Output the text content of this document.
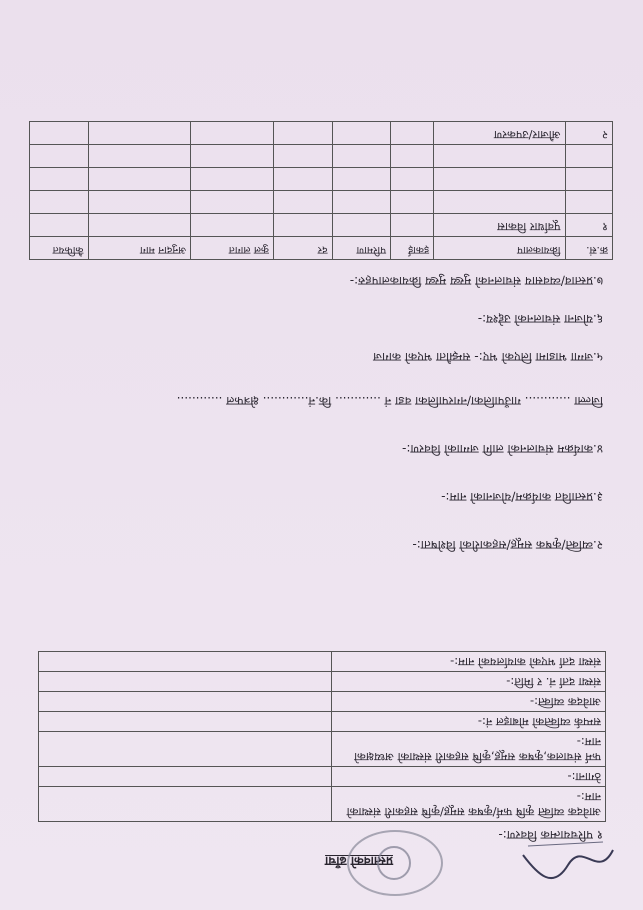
प्रस्तावको ढाँचा
१ परिचयात्मक विवरण:-
आवेदक व्यक्ति कृषि फर्म/कृषक समूह/कृषि सहकारी संस्थाको नाम:-	
ठेगाना:-	
फर्म संचालक,कृषक समूह,कृषि सहकारी संस्थाको अध्यक्षको नाम:-	
सम्पर्क व्यक्तिको मोबाइल नं:-	
आवेदक व्यक्ति:-	
संस्था दर्ता नं. र मिति:-	
संस्था दर्ता भएको कार्यालयको नाम:-	
२.व्यक्ति/कृषक समूह/सहकारीको विशेषता:-
३.प्रस्तावित कार्यक्रम/योजनाको नाम:-
४.कार्यक्रम संचालनको लागि जग्गाको विवरण:-
जिल्ला ............ गाउँपालिका/नगरपालिका वडा नं ............ कि.नं............ क्षेत्रफल ............
५.जग्गा भाडामा लिएको भए:- सम्झौता भएको कागज
६.योजना संचालनको उद्देश्य:-
७.प्रस्ताव/व्यवसाय संचालनको मुख्य मुख्य क्रियाकलापहरु:-
क्र.सं.	क्रियाकलाप	इकाई	परिमाण	दर	कुल लागत	अनुदान माग	कैफियत
१	पूर्वाधार विकास						

२	औजार/उपकरण						
